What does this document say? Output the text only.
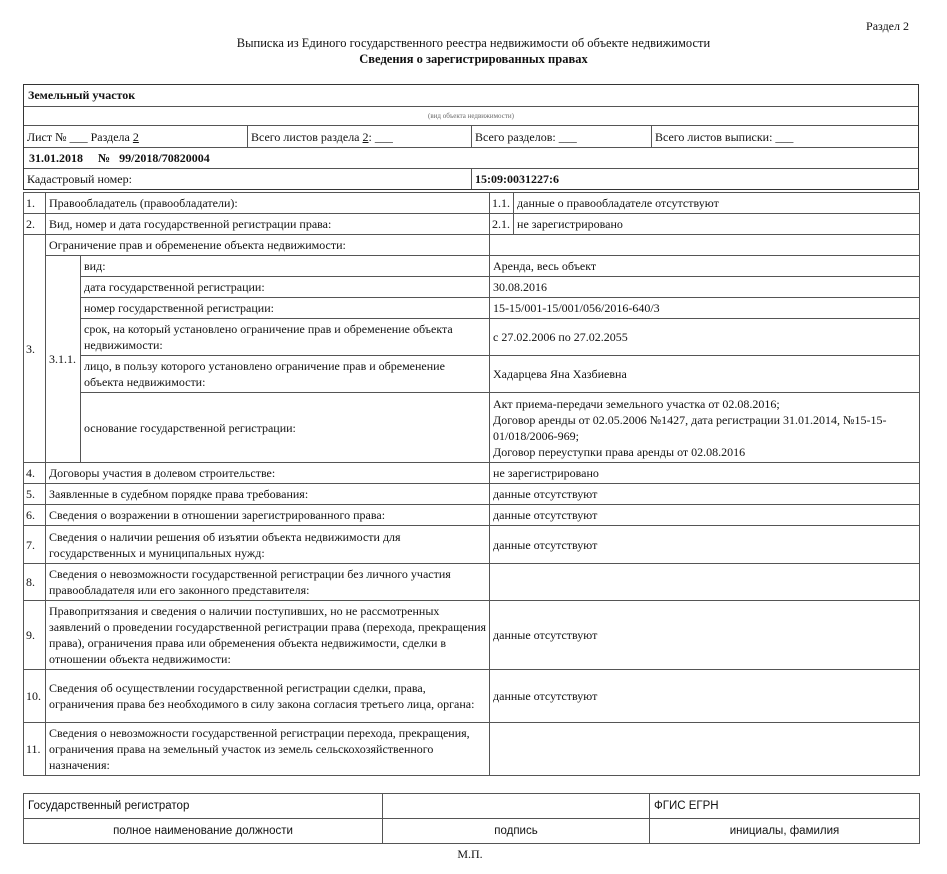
Раздел 2
Выписка из Единого государственного реестра недвижимости об объекте недвижимости
Сведения о зарегистрированных правах
Земельный участок
(вид объекта недвижимости)
Лист № ___ Раздела 2	Всего листов раздела 2: ___	Всего разделов: ___	Всего листов выписки: ___
31.01.2018 № 99/2018/70820004
Кадастровый номер:	15:09:0031227:6
1.	Правообладатель (правообладатели):		1.1.	данные о правообладателе отсутствуют
2.	Вид, номер и дата государственной регистрации права:		2.1.	не зарегистрировано
3.	Ограничение прав и обременение объекта недвижимости:			
	3.1.1.	вид:	Аренда, весь объект	
		дата государственной регистрации:	30.08.2016	
		номер государственной регистрации:	15-15/001-15/001/056/2016-640/3	
		срок, на который установлено ограничение прав и обременение объекта недвижимости:	с 27.02.2006 по 27.02.2055	
		лицо, в пользу которого установлено ограничение прав и обременение объекта недвижимости:	Хадарцева Яна Хазбиевна	
		основание государственной регистрации:	Акт приема-передачи земельного участка от 02.08.2016;
Договор аренды от 02.05.2006 №1427, дата регистрации 31.01.2014, №15-15-01/018/2006-969;
Договор переуступки права аренды от 02.08.2016	

4.	Договоры участия в долевом строительстве:		не зарегистрировано	
5.	Заявленные в судебном порядке права требования:		данные отсутствуют	
6.	Сведения о возражении в отношении зарегистрированного права:		данные отсутствуют	
7.	Сведения о наличии решения об изъятии объекта недвижимости для государственных и муниципальных нужд:		данные отсутствуют	
8.	Сведения о невозможности государственной регистрации без личного участия правообладателя или его законного представителя:			
9.	Правопритязания и сведения о наличии поступивших, но не рассмотренных заявлений о проведении государственной регистрации права (перехода, прекращения права), ограничения права или обременения объекта недвижимости, сделки в отношении объекта недвижимости:		данные отсутствуют	
10.	Сведения об осуществлении государственной регистрации сделки, права, ограничения права без необходимого в силу закона согласия третьего лица, органа:		данные отсутствуют	
11.	Сведения о невозможности государственной регистрации перехода, прекращения, ограничения права на земельный участок из земель сельскохозяйственного назначения:			
Государственный регистратор		ФГИС ЕГРН
полное наименование должности	подпись	инициалы, фамилия
М.П.
